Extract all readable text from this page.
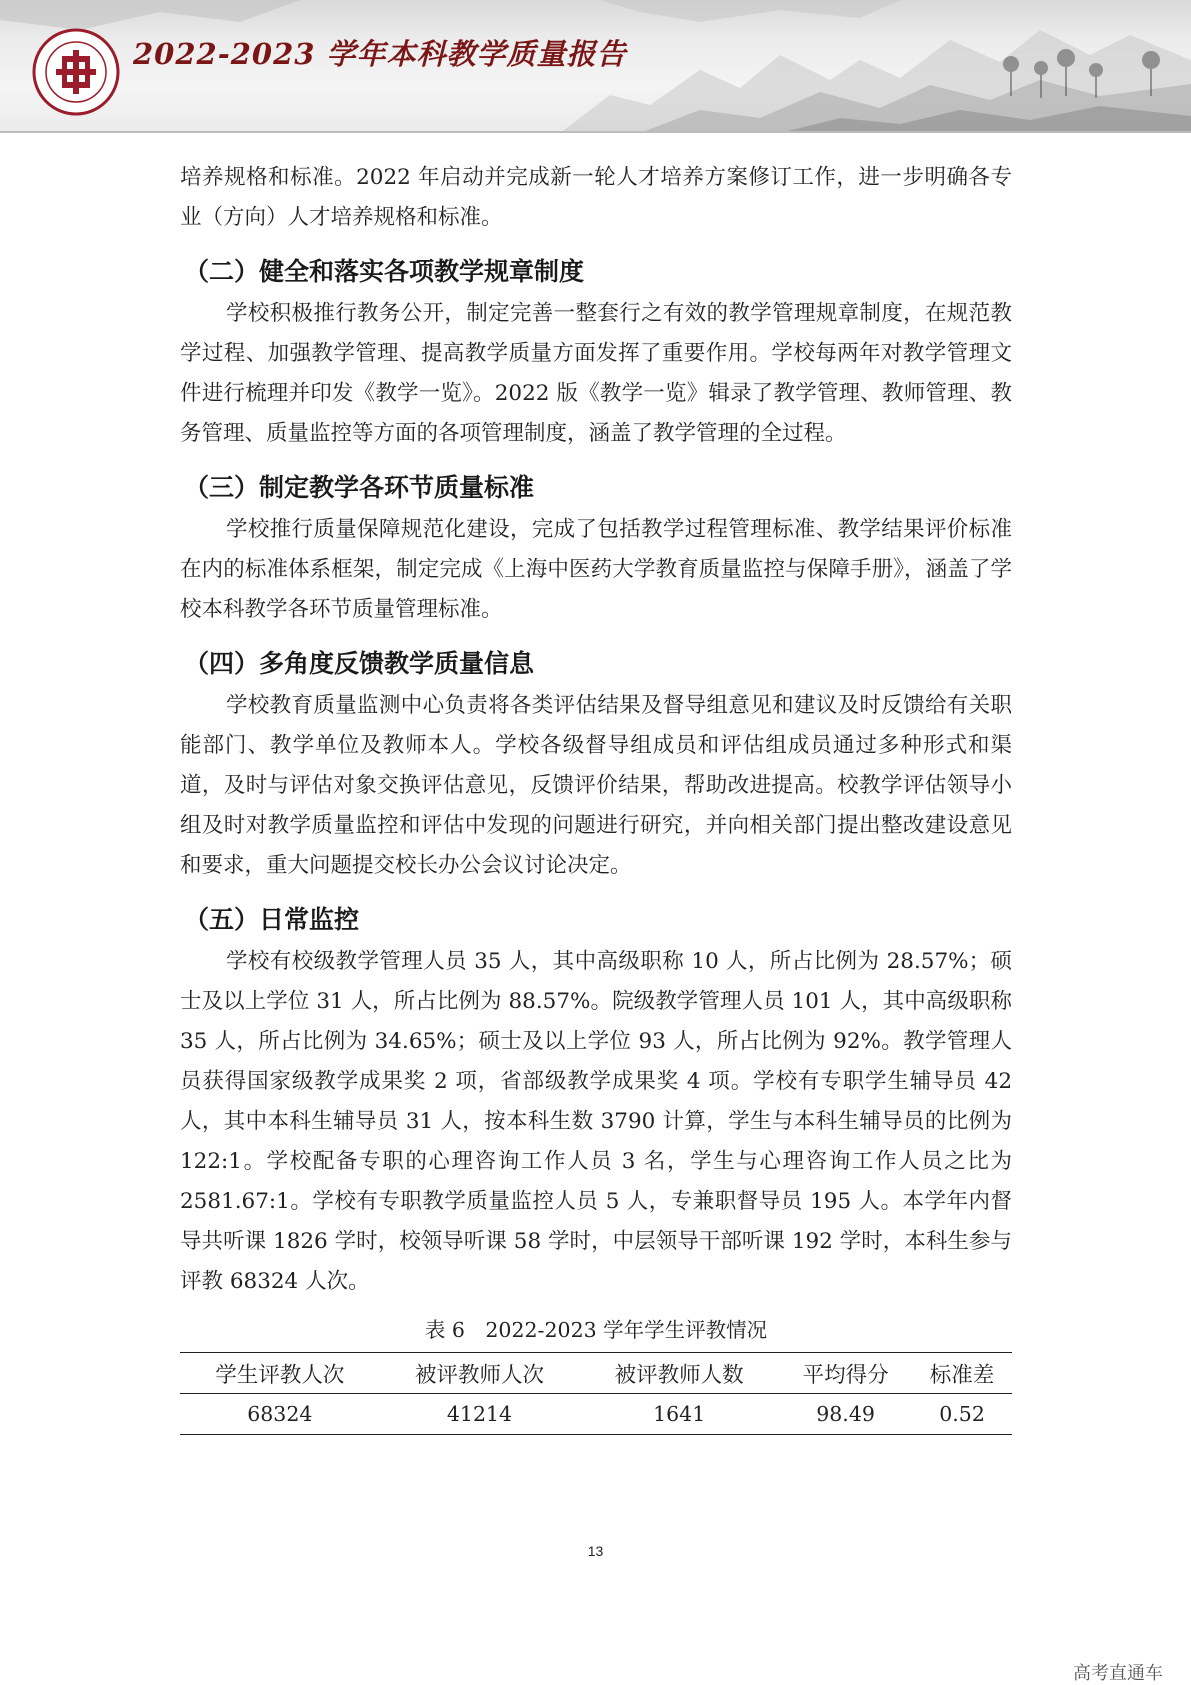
2022-2023 学年本科教学质量报告

培养规格和标准。2022 年启动并完成新一轮人才培养方案修订工作，进一步明确各专业（方向）人才培养规格和标准。

（二）健全和落实各项教学规章制度

学校积极推行教务公开，制定完善一整套行之有效的教学管理规章制度，在规范教学过程、加强教学管理、提高教学质量方面发挥了重要作用。学校每两年对教学管理文件进行梳理并印发《教学一览》。2022 版《教学一览》辑录了教学管理、教师管理、教务管理、质量监控等方面的各项管理制度，涵盖了教学管理的全过程。

（三）制定教学各环节质量标准

学校推行质量保障规范化建设，完成了包括教学过程管理标准、教学结果评价标准在内的标准体系框架，制定完成《上海中医药大学教育质量监控与保障手册》，涵盖了学校本科教学各环节质量管理标准。

（四）多角度反馈教学质量信息

学校教育质量监测中心负责将各类评估结果及督导组意见和建议及时反馈给有关职能部门、教学单位及教师本人。学校各级督导组成员和评估组成员通过多种形式和渠道，及时与评估对象交换评估意见，反馈评价结果，帮助改进提高。校教学评估领导小组及时对教学质量监控和评估中发现的问题进行研究，并向相关部门提出整改建设意见和要求，重大问题提交校长办公会议讨论决定。

（五）日常监控

学校有校级教学管理人员 35 人，其中高级职称 10 人，所占比例为 28.57%；硕士及以上学位 31 人，所占比例为 88.57%。院级教学管理人员 101 人，其中高级职称 35 人，所占比例为 34.65%；硕士及以上学位 93 人，所占比例为 92%。教学管理人员获得国家级教学成果奖 2 项，省部级教学成果奖 4 项。学校有专职学生辅导员 42 人，其中本科生辅导员 31 人，按本科生数 3790 计算，学生与本科生辅导员的比例为 122:1。学校配备专职的心理咨询工作人员 3 名，学生与心理咨询工作人员之比为 2581.67:1。学校有专职教学质量监控人员 5 人，专兼职督导员 195 人。本学年内督导共听课 1826 学时，校领导听课 58 学时，中层领导干部听课 192 学时，本科生参与评教 68324 人次。

表 6　2022-2023 学年学生评教情况
学生评教人次	被评教师人次	被评教师人数	平均得分	标准差
68324	41214	1641	98.49	0.52
13
高考直通车
